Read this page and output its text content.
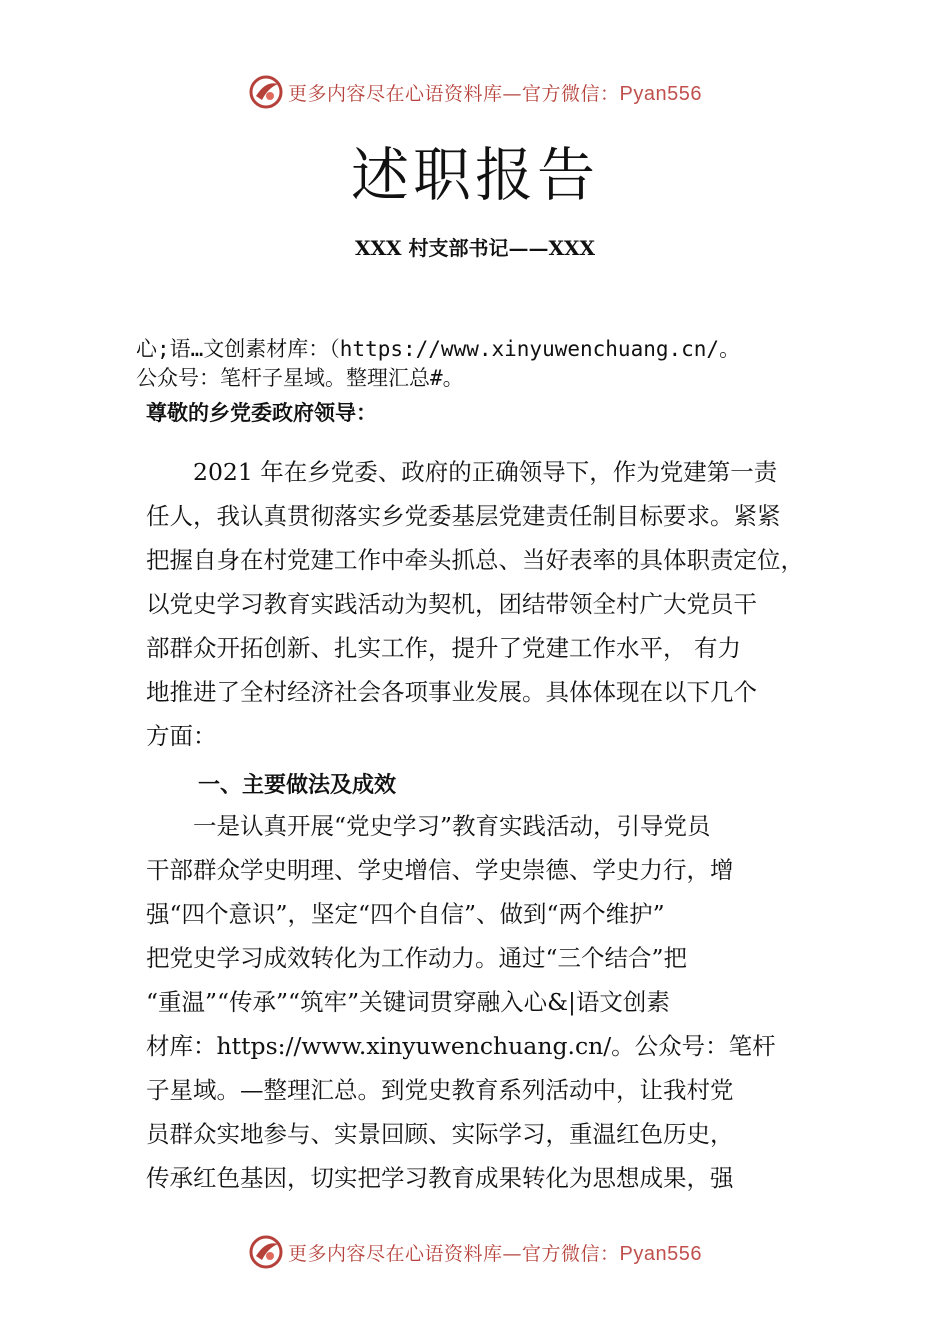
更多内容尽在心语资料库—官方微信：Pyan556
述职报告
XXX 村支部书记——XXX
心;语…文创素材库：（https://www.xinyuwenchuang.cn/。
公众号：笔杆子星域。整理汇总#。
尊敬的乡党委政府领导：
　　2021 年在乡党委、政府的正确领导下，作为党建第一责
任人，我认真贯彻落实乡党委基层党建责任制目标要求。紧紧
把握自身在村党建工作中牵头抓总、当好表率的具体职责定位，
以党史学习教育实践活动为契机，团结带领全村广大党员干
部群众开拓创新、扎实工作，提升了党建工作水平， 有力
地推进了全村经济社会各项事业发展。具体体现在以下几个
方面：
一、主要做法及成效
　　一是认真开展“党史学习”教育实践活动，引导党员
干部群众学史明理、学史增信、学史崇德、学史力行，增
强“四个意识”，坚定“四个自信”、做到“两个维护”
把党史学习成效转化为工作动力。通过“三个结合”把
“重温”“传承”“筑牢”关键词贯穿融入心&|语文创素
材库：https://www.xinyuwenchuang.cn/。公众号：笔杆
子星域。—整理汇总。到党史教育系列活动中，让我村党
员群众实地参与、实景回顾、实际学习，重温红色历史，
传承红色基因，切实把学习教育成果转化为思想成果，强
更多内容尽在心语资料库—官方微信：Pyan556
